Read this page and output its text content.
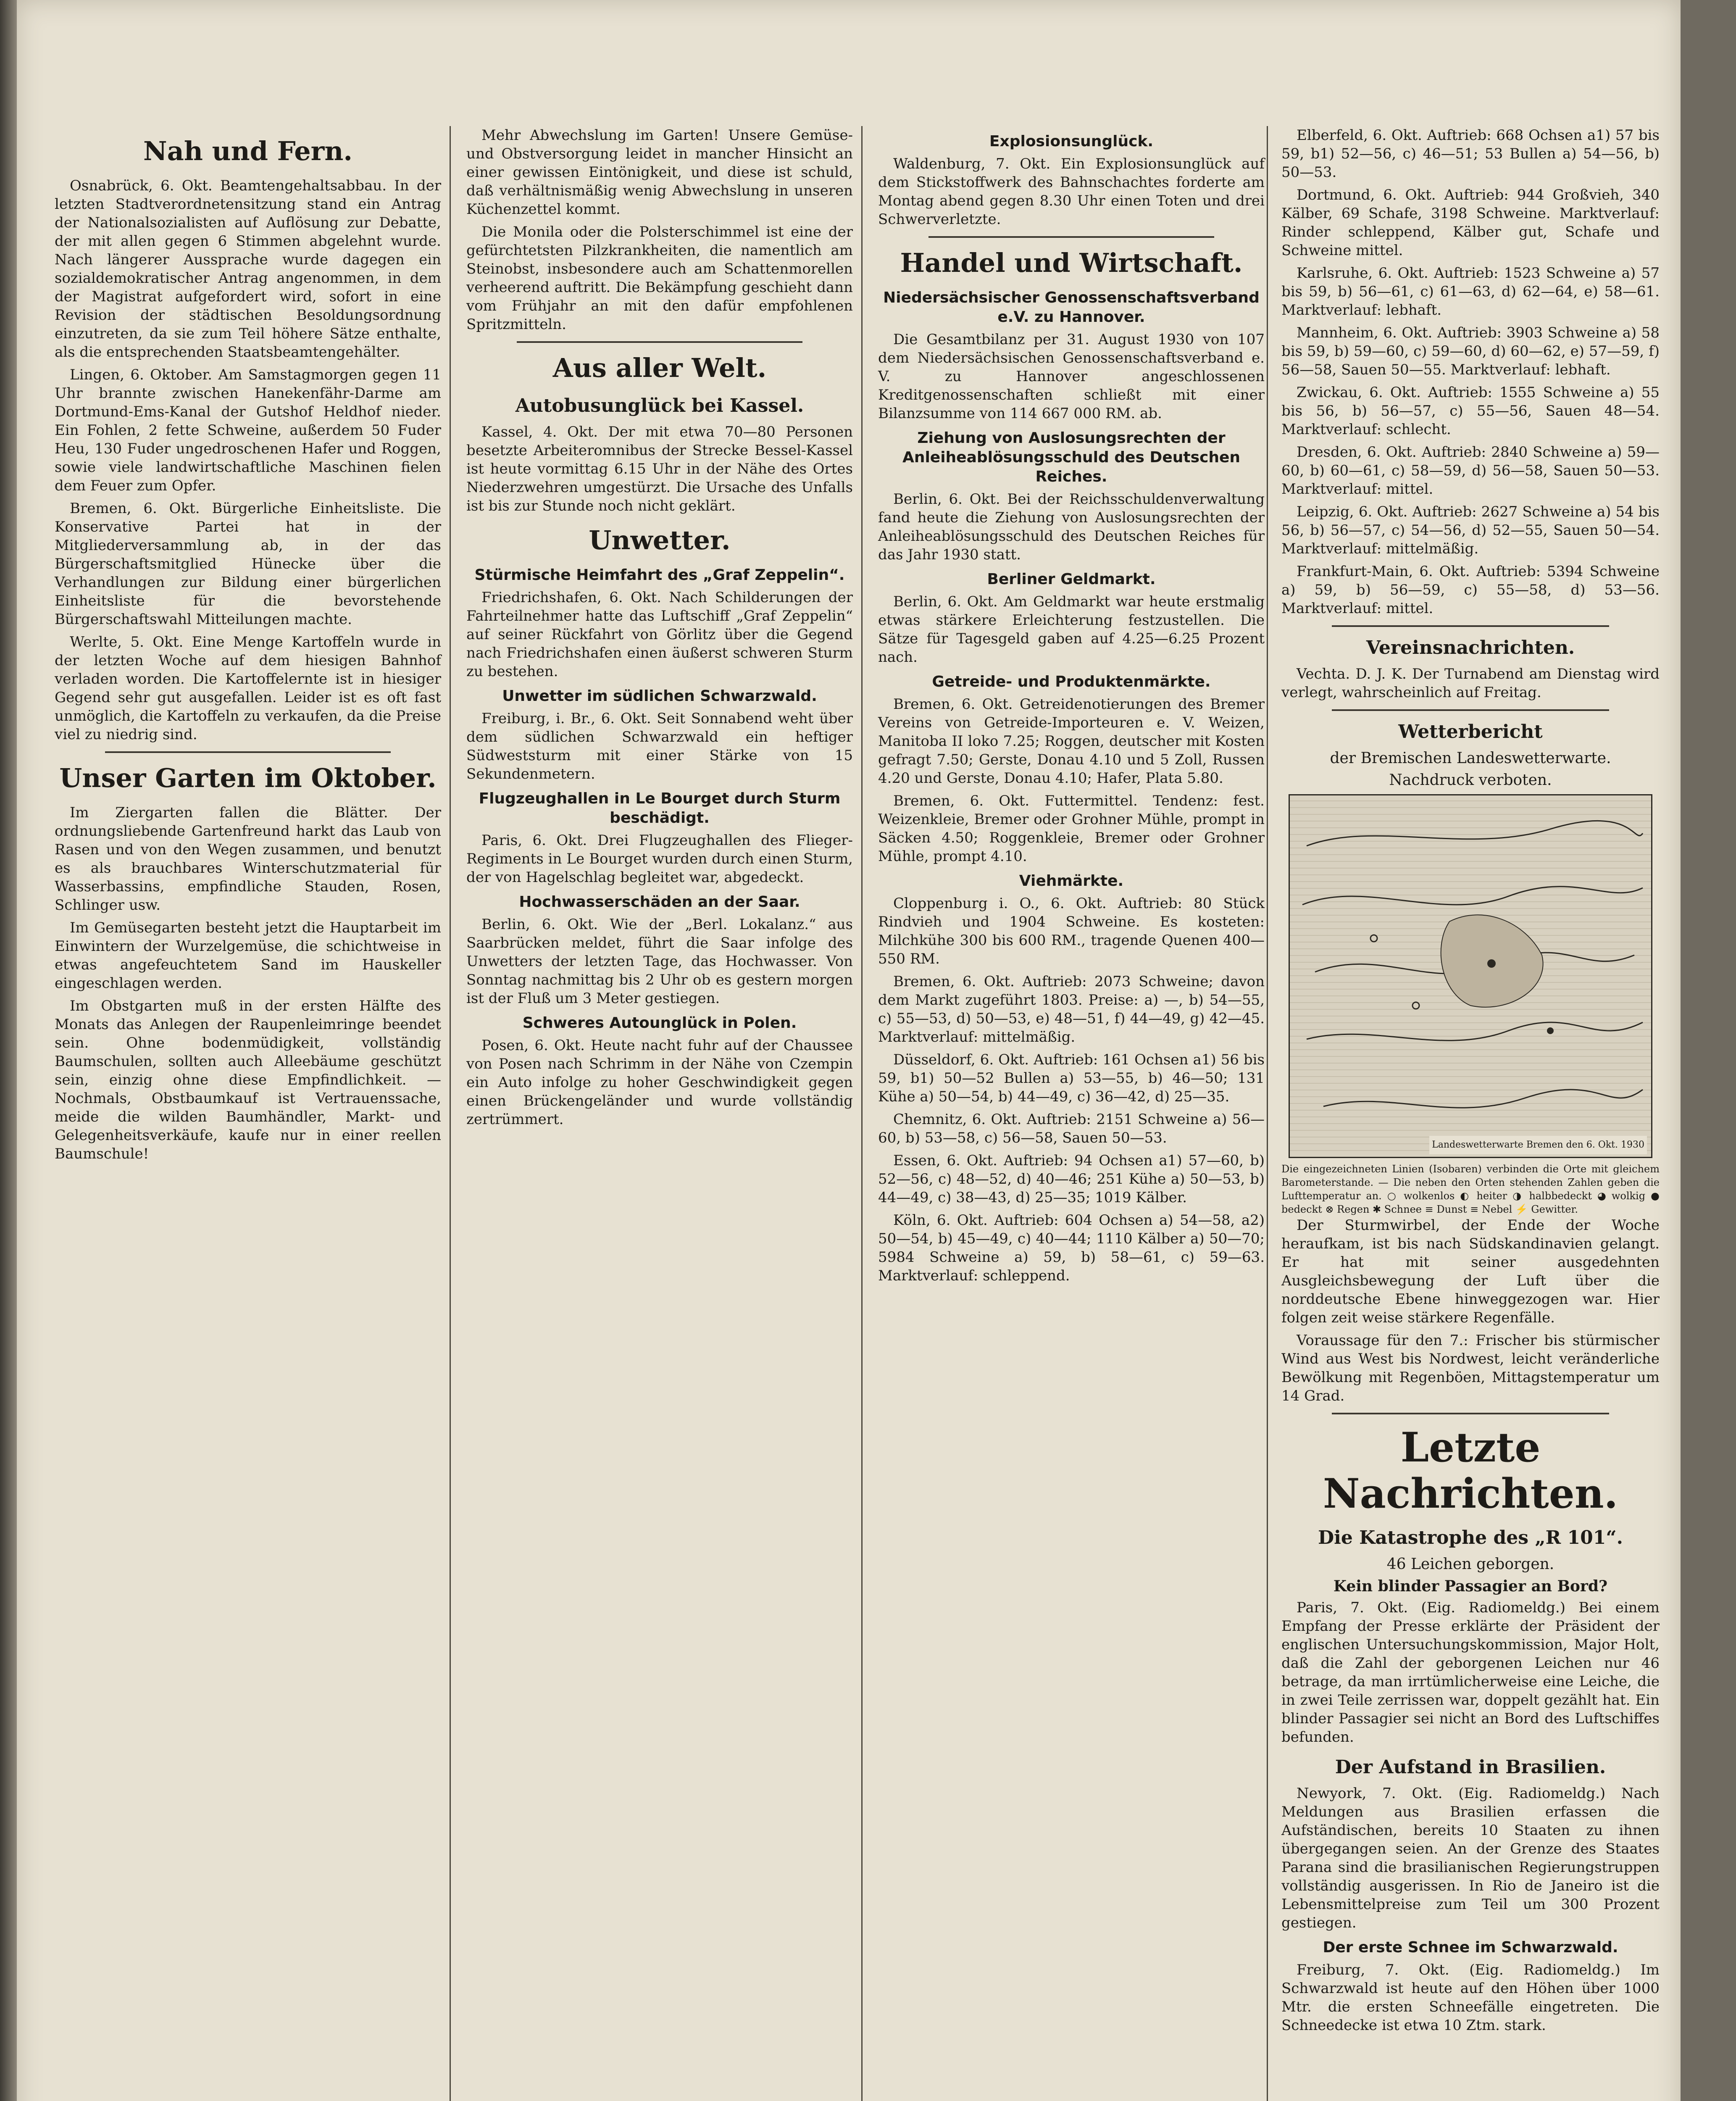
Nah und Fern.

Osnabrück, 6. Okt. Beamtengehaltsabbau. In der letzten Stadtverordnetensitzung stand ein Antrag der Nationalsozialisten auf Auflösung zur Debatte, der mit allen gegen 6 Stimmen abgelehnt wurde. Nach längerer Aussprache wurde dagegen ein sozialdemokratischer Antrag angenommen, in dem der Magistrat aufgefordert wird, sofort in eine Revision der städtischen Besoldungsordnung einzutreten, da sie zum Teil höhere Sätze enthalte, als die entsprechenden Staatsbeamtengehälter.

Lingen, 6. Oktober. Am Samstagmorgen gegen 11 Uhr brannte zwischen Hanekenfähr-Darme am Dortmund-Ems-Kanal der Gutshof Heldhof nieder. Ein Fohlen, 2 fette Schweine, außerdem 50 Fuder Heu, 130 Fuder ungedroschenen Hafer und Roggen, sowie viele landwirtschaftliche Maschinen fielen dem Feuer zum Opfer.

Bremen, 6. Okt. Bürgerliche Einheitsliste. Die Konservative Partei hat in der Mitgliederversammlung ab, in der das Bürgerschaftsmitglied Hünecke über die Verhandlungen zur Bildung einer bürgerlichen Einheitsliste für die bevorstehende Bürgerschaftswahl Mitteilungen machte.

Werlte, 5. Okt. Eine Menge Kartoffeln wurde in der letzten Woche auf dem hiesigen Bahnhof verladen worden. Die Kartoffelernte ist in hiesiger Gegend sehr gut ausgefallen. Leider ist es oft fast unmöglich, die Kartoffeln zu verkaufen, da die Preise viel zu niedrig sind.

Unser Garten im Oktober.

Im Ziergarten fallen die Blätter. Der ordnungsliebende Gartenfreund harkt das Laub von Rasen und von den Wegen zusammen, und benutzt es als brauchbares Winterschutzmaterial für Wasserbassins, empfindliche Stauden, Rosen, Schlinger usw.

Im Gemüsegarten besteht jetzt die Hauptarbeit im Einwintern der Wurzelgemüse, die schichtweise in etwas angefeuchtetem Sand im Hauskeller eingeschlagen werden.

Im Obstgarten muß in der ersten Hälfte des Monats das Anlegen der Raupenleimringe beendet sein. Ohne bodenmüdigkeit, vollständig Baumschulen, sollten auch Alleebäume geschützt sein, einzig ohne diese Empfindlichkeit. — Nochmals, Obstbaumkauf ist Vertrauenssache, meide die wilden Baumhändler, Markt- und Gelegenheitsverkäufe, kaufe nur in einer reellen Baumschule!

Mehr Abwechslung im Garten! Unsere Gemüse- und Obstversorgung leidet in mancher Hinsicht an einer gewissen Eintönigkeit, und diese ist schuld, daß verhältnismäßig wenig Abwechslung in unseren Küchenzettel kommt.

Die Monila oder die Polsterschimmel ist eine der gefürchtetsten Pilzkrankheiten, die namentlich am Steinobst, insbesondere auch am Schattenmorellen verheerend auftritt. Die Bekämpfung geschieht dann vom Frühjahr an mit den dafür empfohlenen Spritzmitteln.

Aus aller Welt.
Autobusunglück bei Kassel.

Kassel, 4. Okt. Der mit etwa 70—80 Personen besetzte Arbeiteromnibus der Strecke Bessel-Kassel ist heute vormittag 6.15 Uhr in der Nähe des Ortes Niederzwehren umgestürzt. Die Ursache des Unfalls ist bis zur Stunde noch nicht geklärt.

Unwetter.
Stürmische Heimfahrt des „Graf Zeppelin“.

Friedrichshafen, 6. Okt. Nach Schilderungen der Fahrteilnehmer hatte das Luftschiff „Graf Zeppelin“ auf seiner Rückfahrt von Görlitz über die Gegend nach Friedrichshafen einen äußerst schweren Sturm zu bestehen.

Unwetter im südlichen Schwarzwald.

Freiburg, i. Br., 6. Okt. Seit Sonnabend weht über dem südlichen Schwarzwald ein heftiger Südweststurm mit einer Stärke von 15 Sekundenmetern.

Flugzeughallen in Le Bourget durch Sturm beschädigt.

Paris, 6. Okt. Drei Flugzeughallen des Flieger-Regiments in Le Bourget wurden durch einen Sturm, der von Hagelschlag begleitet war, abgedeckt.

Hochwasserschäden an der Saar.

Berlin, 6. Okt. Wie der „Berl. Lokalanz.“ aus Saarbrücken meldet, führt die Saar infolge des Unwetters der letzten Tage, das Hochwasser. Von Sonntag nachmittag bis 2 Uhr ob es gestern morgen ist der Fluß um 3 Meter gestiegen.

Schweres Autounglück in Polen.

Posen, 6. Okt. Heute nacht fuhr auf der Chaussee von Posen nach Schrimm in der Nähe von Czempin ein Auto infolge zu hoher Geschwindigkeit gegen einen Brückengeländer und wurde vollständig zertrümmert.

Explosionsunglück.

Waldenburg, 7. Okt. Ein Explosionsunglück auf dem Stickstoffwerk des Bahnschachtes forderte am Montag abend gegen 8.30 Uhr einen Toten und drei Schwerverletzte.

Handel und Wirtschaft.
Niedersächsischer Genossenschaftsverband e.V. zu Hannover.

Die Gesamtbilanz per 31. August 1930 von 107 dem Niedersächsischen Genossenschaftsverband e. V. zu Hannover angeschlossenen Kreditgenossenschaften schließt mit einer Bilanzsumme von 114 667 000 RM. ab.

Ziehung von Auslosungsrechten der Anleiheablösungsschuld des Deutschen Reiches.

Berlin, 6. Okt. Bei der Reichsschuldenverwaltung fand heute die Ziehung von Auslosungsrechten der Anleiheablösungsschuld des Deutschen Reiches für das Jahr 1930 statt.

Berliner Geldmarkt.

Berlin, 6. Okt. Am Geldmarkt war heute erstmalig etwas stärkere Erleichterung festzustellen. Die Sätze für Tagesgeld gaben auf 4.25—6.25 Prozent nach.

Getreide- und Produktenmärkte.

Bremen, 6. Okt. Getreidenotierungen des Bremer Vereins von Getreide-Importeuren e. V. Weizen, Manitoba II loko 7.25; Roggen, deutscher mit Kosten gefragt 7.50; Gerste, Donau 4.10 und 5 Zoll, Russen 4.20 und Gerste, Donau 4.10; Hafer, Plata 5.80.

Bremen, 6. Okt. Futtermittel. Tendenz: fest. Weizenkleie, Bremer oder Grohner Mühle, prompt in Säcken 4.50; Roggenkleie, Bremer oder Grohner Mühle, prompt 4.10.

Viehmärkte.

Cloppenburg i. O., 6. Okt. Auftrieb: 80 Stück Rindvieh und 1904 Schweine. Es kosteten: Milchkühe 300 bis 600 RM., tragende Quenen 400—550 RM.

Bremen, 6. Okt. Auftrieb: 2073 Schweine; davon dem Markt zugeführt 1803. Preise: a) —, b) 54—55, c) 55—53, d) 50—53, e) 48—51, f) 44—49, g) 42—45. Marktverlauf: mittelmäßig.

Düsseldorf, 6. Okt. Auftrieb: 161 Ochsen a1) 56 bis 59, b1) 50—52 Bullen a) 53—55, b) 46—50; 131 Kühe a) 50—54, b) 44—49, c) 36—42, d) 25—35.

Chemnitz, 6. Okt. Auftrieb: 2151 Schweine a) 56—60, b) 53—58, c) 56—58, Sauen 50—53.

Essen, 6. Okt. Auftrieb: 94 Ochsen a1) 57—60, b) 52—56, c) 48—52, d) 40—46; 251 Kühe a) 50—53, b) 44—49, c) 38—43, d) 25—35; 1019 Kälber.

Köln, 6. Okt. Auftrieb: 604 Ochsen a) 54—58, a2) 50—54, b) 45—49, c) 40—44; 1110 Kälber a) 50—70; 5984 Schweine a) 59, b) 58—61, c) 59—63. Marktverlauf: schleppend.

Elberfeld, 6. Okt. Auftrieb: 668 Ochsen a1) 57 bis 59, b1) 52—56, c) 46—51; 53 Bullen a) 54—56, b) 50—53.

Dortmund, 6. Okt. Auftrieb: 944 Großvieh, 340 Kälber, 69 Schafe, 3198 Schweine. Marktverlauf: Rinder schleppend, Kälber gut, Schafe und Schweine mittel.

Karlsruhe, 6. Okt. Auftrieb: 1523 Schweine a) 57 bis 59, b) 56—61, c) 61—63, d) 62—64, e) 58—61. Marktverlauf: lebhaft.

Mannheim, 6. Okt. Auftrieb: 3903 Schweine a) 58 bis 59, b) 59—60, c) 59—60, d) 60—62, e) 57—59, f) 56—58, Sauen 50—55. Marktverlauf: lebhaft.

Zwickau, 6. Okt. Auftrieb: 1555 Schweine a) 55 bis 56, b) 56—57, c) 55—56, Sauen 48—54. Marktverlauf: schlecht.

Dresden, 6. Okt. Auftrieb: 2840 Schweine a) 59—60, b) 60—61, c) 58—59, d) 56—58, Sauen 50—53. Marktverlauf: mittel.

Leipzig, 6. Okt. Auftrieb: 2627 Schweine a) 54 bis 56, b) 56—57, c) 54—56, d) 52—55, Sauen 50—54. Marktverlauf: mittelmäßig.

Frankfurt-Main, 6. Okt. Auftrieb: 5394 Schweine a) 59, b) 56—59, c) 55—58, d) 53—56. Marktverlauf: mittel.

Vereinsnachrichten.

Vechta. D. J. K. Der Turnabend am Dienstag wird verlegt, wahrscheinlich auf Freitag.

Wetterbericht
der Bremischen Landeswetterwarte.
Nachdruck verboten.
Landeswetterwarte Bremen den 6. Okt. 1930
Die eingezeichneten Linien (Isobaren) verbinden die Orte mit gleichem Barometerstande. — Die neben den Orten stehenden Zahlen geben die Lufttemperatur an. ○ wolkenlos ◐ heiter ◑ halbbedeckt ◕ wolkig ● bedeckt ⊗ Regen ✱ Schnee ≡ Dunst ≡ Nebel ⚡ Gewitter.

Der Sturmwirbel, der Ende der Woche heraufkam, ist bis nach Südskandinavien gelangt. Er hat mit seiner ausgedehnten Ausgleichsbewegung der Luft über die norddeutsche Ebene hinweggezogen war. Hier folgen zeit weise stärkere Regenfälle.

Voraussage für den 7.: Frischer bis stürmischer Wind aus West bis Nordwest, leicht veränderliche Bewölkung mit Regenböen, Mittagstemperatur um 14 Grad.

Letzte Nachrichten.
Die Katastrophe des „R 101“.
46 Leichen geborgen.
Kein blinder Passagier an Bord?

Paris, 7. Okt. (Eig. Radiomeldg.) Bei einem Empfang der Presse erklärte der Präsident der englischen Untersuchungskommission, Major Holt, daß die Zahl der geborgenen Leichen nur 46 betrage, da man irrtümlicherweise eine Leiche, die in zwei Teile zerrissen war, doppelt gezählt hat. Ein blinder Passagier sei nicht an Bord des Luftschiffes befunden.

Der Aufstand in Brasilien.

Newyork, 7. Okt. (Eig. Radiomeldg.) Nach Meldungen aus Brasilien erfassen die Aufständischen, bereits 10 Staaten zu ihnen übergegangen seien. An der Grenze des Staates Parana sind die brasilianischen Regierungstruppen vollständig ausgerissen. In Rio de Janeiro ist die Lebensmittelpreise zum Teil um 300 Prozent gestiegen.

Der erste Schnee im Schwarzwald.

Freiburg, 7. Okt. (Eig. Radiomeldg.) Im Schwarzwald ist heute auf den Höhen über 1000 Mtr. die ersten Schneefälle eingetreten. Die Schneedecke ist etwa 10 Ztm. stark.
